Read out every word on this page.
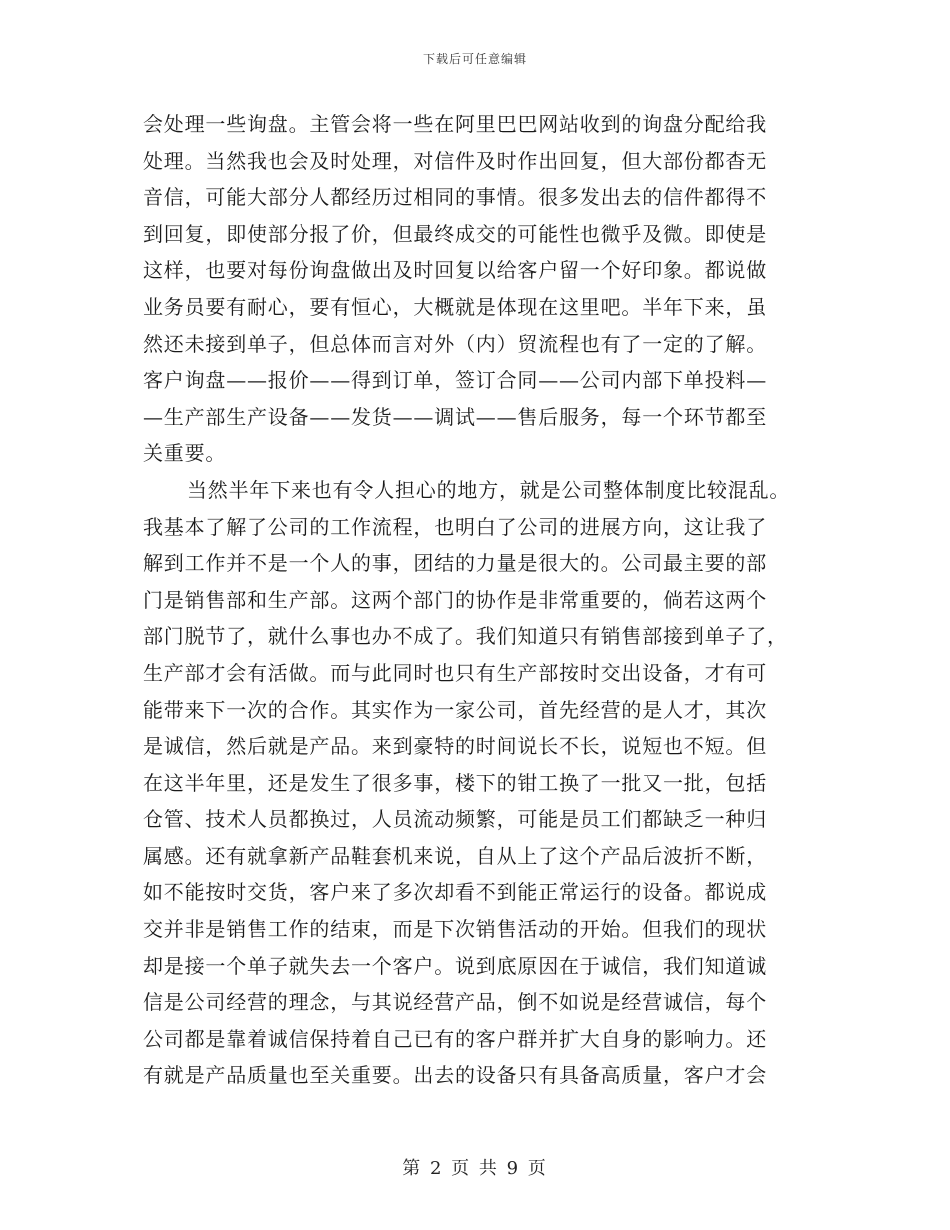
下载后可任意编辑
会处理一些询盘。主管会将一些在阿里巴巴网站收到的询盘分配给我
处理。当然我也会及时处理，对信件及时作出回复，但大部份都杳无
音信，可能大部分人都经历过相同的事情。很多发出去的信件都得不
到回复，即使部分报了价，但最终成交的可能性也微乎及微。即使是
这样，也要对每份询盘做出及时回复以给客户留一个好印象。都说做
业务员要有耐心，要有恒心，大概就是体现在这里吧。半年下来，虽
然还未接到单子，但总体而言对外（内）贸流程也有了一定的了解。
客户询盘——报价——得到订单，签订合同——公司内部下单投料—
—生产部生产设备——发货——调试——售后服务，每一个环节都至
关重要。
当然半年下来也有令人担心的地方，就是公司整体制度比较混乱。
我基本了解了公司的工作流程，也明白了公司的进展方向，这让我了
解到工作并不是一个人的事，团结的力量是很大的。公司最主要的部
门是销售部和生产部。这两个部门的协作是非常重要的，倘若这两个
部门脱节了，就什么事也办不成了。我们知道只有销售部接到单子了，
生产部才会有活做。而与此同时也只有生产部按时交出设备，才有可
能带来下一次的合作。其实作为一家公司，首先经营的是人才，其次
是诚信，然后就是产品。来到豪特的时间说长不长，说短也不短。但
在这半年里，还是发生了很多事，楼下的钳工换了一批又一批，包括
仓管、技术人员都换过，人员流动频繁，可能是员工们都缺乏一种归
属感。还有就拿新产品鞋套机来说，自从上了这个产品后波折不断，
如不能按时交货，客户来了多次却看不到能正常运行的设备。都说成
交并非是销售工作的结束，而是下次销售活动的开始。但我们的现状
却是接一个单子就失去一个客户。说到底原因在于诚信，我们知道诚
信是公司经营的理念，与其说经营产品，倒不如说是经营诚信，每个
公司都是靠着诚信保持着自己已有的客户群并扩大自身的影响力。还
有就是产品质量也至关重要。出去的设备只有具备高质量，客户才会
第 2 页 共 9 页
